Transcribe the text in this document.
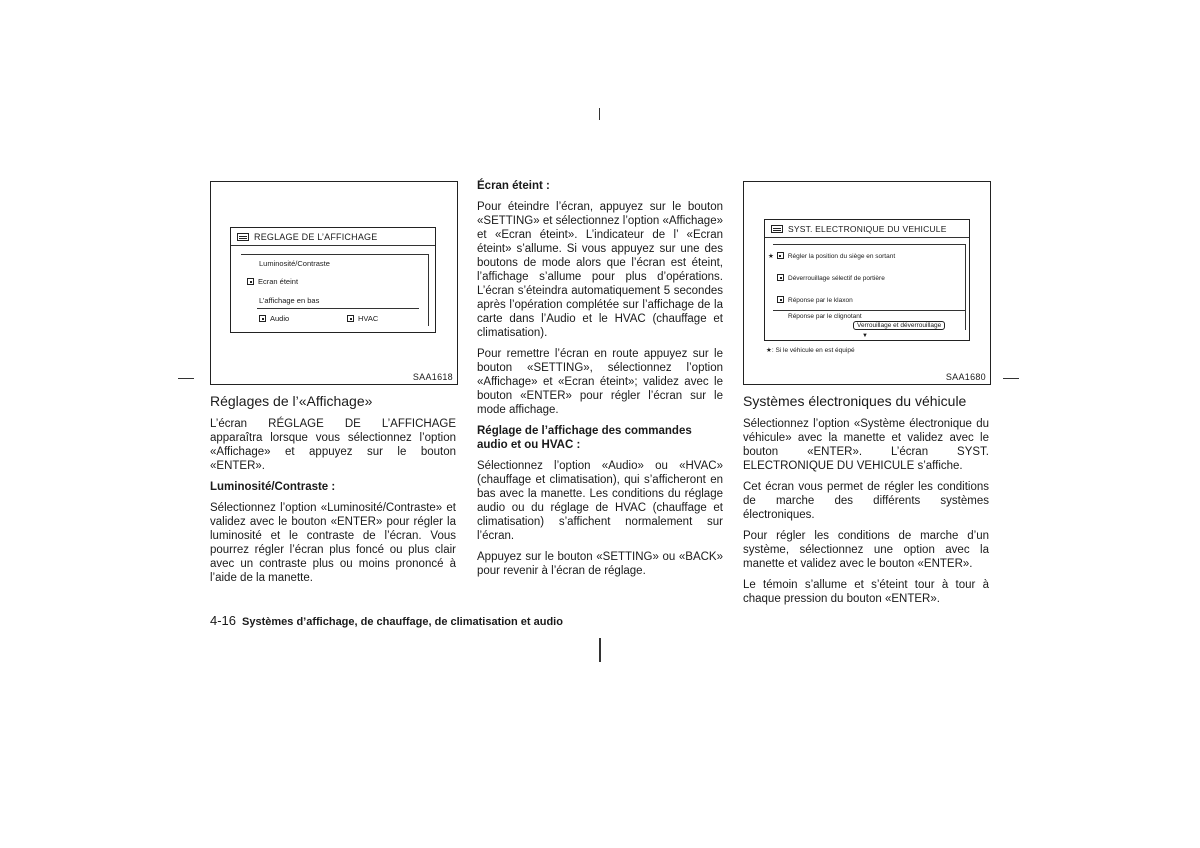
REGLAGE DE L’AFFICHAGE
Luminosité/Contraste
Ecran éteint
L’affichage en bas
Audio	HVAC
SAA1618

Réglages de l’«Affichage»

L’écran RÉGLAGE DE L’AFFICHAGE apparaîtra lorsque vous sélectionnez l’option «Affichage» et appuyez sur le bouton «ENTER».

Luminosité/Contraste :

Sélectionnez l’option «Luminosité/Contraste» et validez avec le bouton «ENTER» pour régler la luminosité et le contraste de l’écran. Vous pourrez régler l’écran plus foncé ou plus clair avec un contraste plus ou moins prononcé à l’aide de la manette.

Écran éteint :

Pour éteindre l’écran, appuyez sur le bouton «SETTING» et sélectionnez l’option «Affichage» et «Ecran éteint». L’indicateur de l’ «Ecran éteint» s’allume. Si vous appuyez sur une des boutons de mode alors que l’écran est éteint, l’affichage s’allume pour plus d’opérations. L’écran s’éteindra automatiquement 5 secondes après l’opération complétée sur l’affichage de la carte dans l’Audio et le HVAC (chauffage et climatisation).

Pour remettre l’écran en route appuyez sur le bouton «SETTING», sélectionnez l’option «Affichage» et «Ecran éteint»; validez avec le bouton «ENTER» pour régler l’écran sur le mode affichage.

Réglage de l’affichage des commandes audio et ou HVAC :

Sélectionnez l’option «Audio» ou «HVAC» (chauffage et climatisation), qui s’afficheront en bas avec la manette. Les conditions du réglage audio ou du réglage de HVAC (chauffage et climatisation) s’affichent normalement sur l’écran.

Appuyez sur le bouton «SETTING» ou «BACK» pour revenir à l’écran de réglage.

SYST. ELECTRONIQUE DU VEHICULE
★ Régler la position du siège en sortant
Déverrouillage sélectif de portière
Réponse par le klaxon
Réponse par le clignotant
Verrouillage et déverrouillage
▼
★: Si le véhicule en est équipé
SAA1680

Systèmes électroniques du véhicule

Sélectionnez l’option «Système électronique du véhicule» avec la manette et validez avec le bouton «ENTER». L’écran SYST. ELECTRONIQUE DU VEHICULE s’affiche.

Cet écran vous permet de régler les conditions de marche des différents systèmes électroniques.

Pour régler les conditions de marche d’un système, sélectionnez une option avec la manette et validez avec le bouton «ENTER».

Le témoin s’allume et s’éteint tour à tour à chaque pression du bouton «ENTER».

4-16 Systèmes d’affichage, de chauffage, de climatisation et audio
